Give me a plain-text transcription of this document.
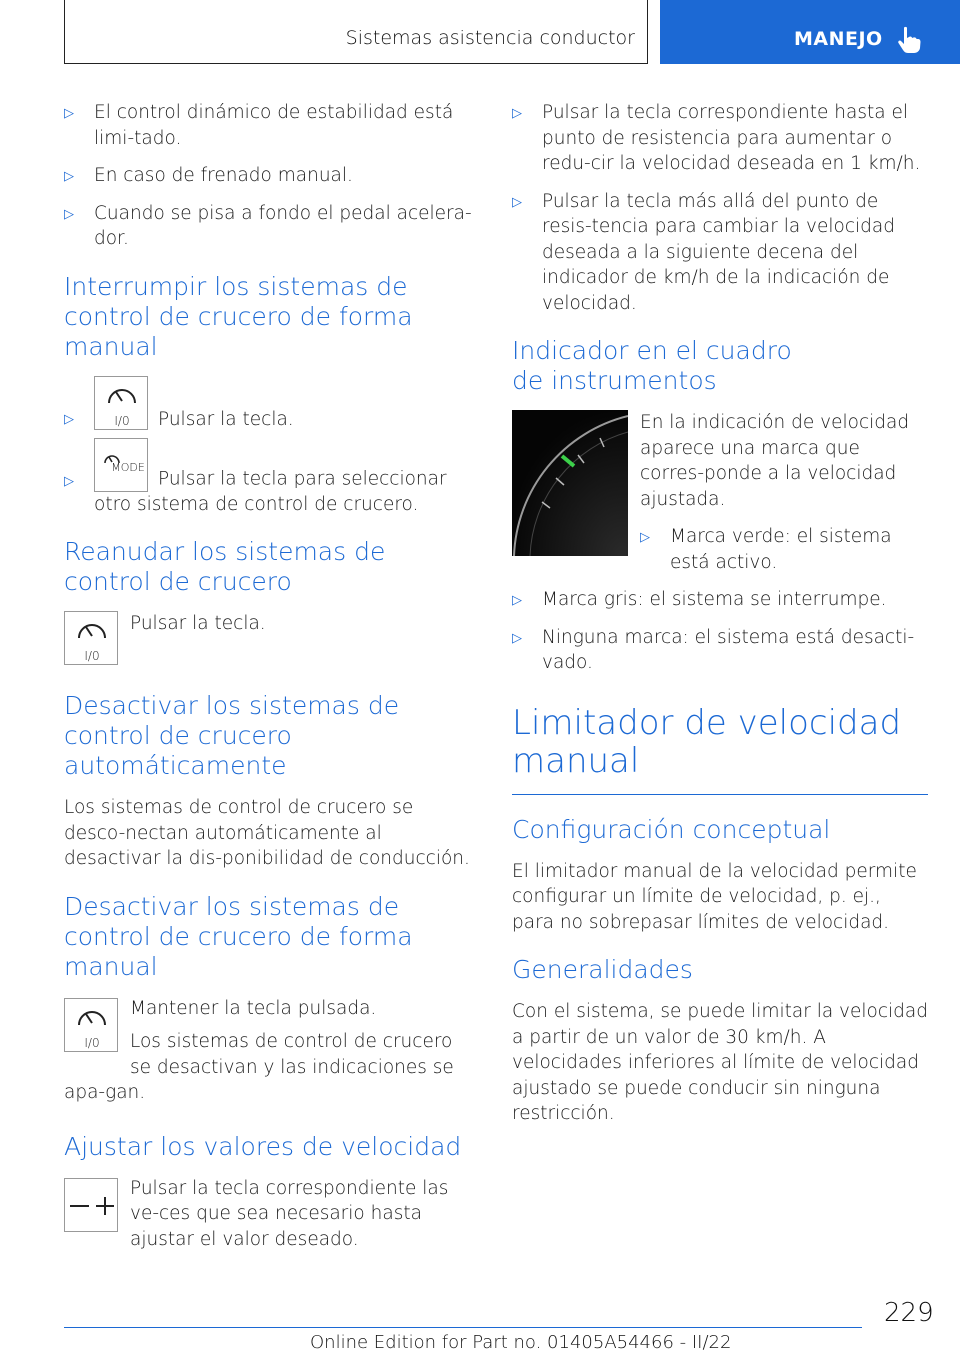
Sistemas asistencia conductor	MANEJO

▷
El control dinámico de estabilidad está limi-tado.

▷
En caso de frenado manual.

▷
Cuando se pisa a fondo el pedal acelera-dor.

Interrumpir los sistemas de control de crucero de forma manual
▷
I/0 Pulsar la tecla.
▷
MODE
Pulsar la tecla para seleccionar otro sistema de control de crucero.
Reanudar los sistemas de control de crucero
I/0

Pulsar la tecla.

Desactivar los sistemas de control de crucero automáticamente

Los sistemas de control de crucero se desco-nectan automáticamente al desactivar la dis-ponibilidad de conducción.

Desactivar los sistemas de control de crucero de forma manual
I/0

Mantener la tecla pulsada.

Los sistemas de control de crucero se desactivan y las indicaciones se apa-gan.

Ajustar los valores de velocidad

Pulsar la tecla correspondiente las ve-ces que sea necesario hasta ajustar el valor deseado.

▷
Pulsar la tecla correspondiente hasta el punto de resistencia para aumentar o redu-cir la velocidad deseada en 1 km/h.

▷
Pulsar la tecla más allá del punto de resis-tencia para cambiar la velocidad deseada a la siguiente decena del indicador de km/h de la indicación de velocidad.

Indicador en el cuadro de instrumentos

En la indicación de velocidad aparece una marca que corres-ponde a la velocidad ajustada.

▷
Marca verde: el sistema está activo.

▷
Marca gris: el sistema se interrumpe.

▷
Ninguna marca: el sistema está desacti-vado.

Limitador de velocidad manual
Configuración conceptual

El limitador manual de la velocidad permite configurar un límite de velocidad, p. ej., para no sobrepasar límites de velocidad.

Generalidades

Con el sistema, se puede limitar la velocidad a partir de un valor de 30 km/h. A velocidades inferiores al límite de velocidad ajustado se puede conducir sin ninguna restricción.

229
Online Edition for Part no. 01405A54466 - II/22
